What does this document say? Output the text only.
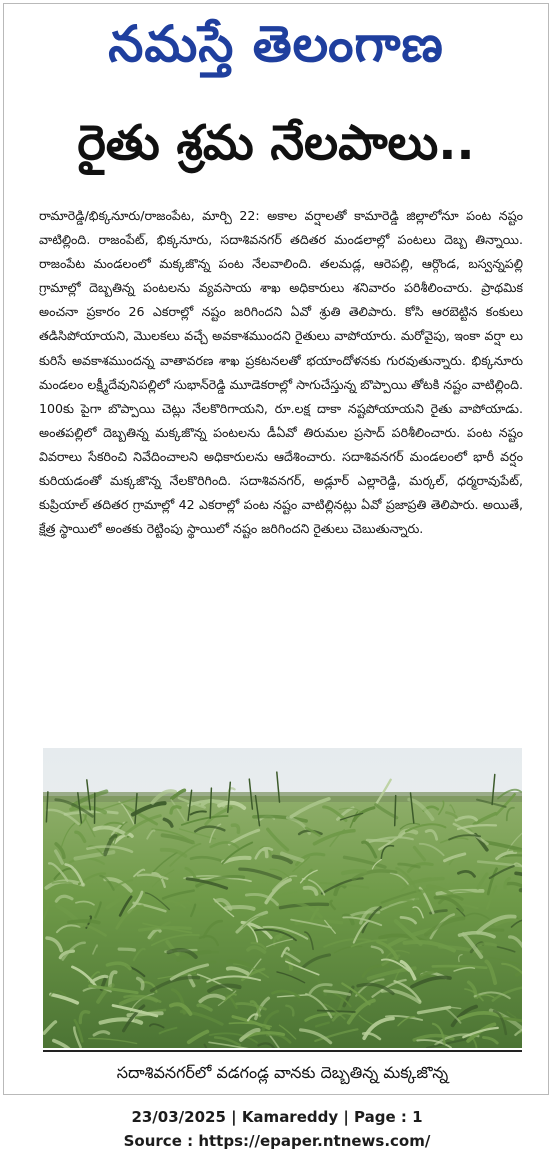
నమస్తే తెలంగాణ
రైతు శ్రమ నేలపాలు..
రామారెడ్డి/భిక్కనూరు/రాజంపేట, మార్చి 22: అకాల వర్షాలతో కామారెడ్డి జిల్లాలోనూ పంట నష్టం వాటిల్లింది. రాజంపేట్, భిక్కనూరు, సదాశివనగర్ తదితర మండలాల్లో పంటలు దెబ్బ తిన్నాయి. రాజంపేట మండలంలో మక్కజొన్న పంట నేలవాలింది. తలమడ్ల, ఆరెపల్లి, ఆర్గొండ, బస్వన్నపల్లి గ్రామాల్లో దెబ్బతిన్న పంటలను వ్యవసాయ శాఖ అధికారులు శనివారం పరిశీలించారు. ప్రాథమిక అంచనా ప్రకారం 26 ఎకరాల్లో నష్టం జరిగిందని ఏవో శ్రుతి తెలిపారు. కోసి ఆరబెట్టిన కంకులు తడిసిపోయాయని, మొలకలు వచ్చే అవకాశముందని రైతులు వాపోయారు. మరోవైపు, ఇంకా వర్షా లు కురిసే అవకాశముందన్న వాతావరణ శాఖ ప్రకటనలతో భయాందోళనకు గురవుతున్నారు. భిక్కనూరు మండలం లక్ష్మీదేవునిపల్లిలో సుభాన్‌రెడ్డి మూడెకరాల్లో సాగుచేస్తున్న బొప్పాయి తోటకి నష్టం వాటిల్లింది. 100కు పైగా బొప్పాయి చెట్లు నేలకొరిగాయని, రూ.లక్ష దాకా నష్టపోయాయని రైతు వాపోయాడు. అంతపల్లిలో దెబ్బతిన్న మక్కజొన్న పంటలను డీఏవో తిరుమల ప్రసాద్ పరిశీలించారు. పంట నష్టం వివరాలు సేకరించి నివేదించాలని అధికారులను ఆదేశించారు. సదాశివనగర్ మండలంలో భారీ వర్షం కురియడంతో మక్కజొన్న నేలకొరిగింది. సదాశివనగర్, అడ్లూర్ ఎల్లారెడ్డి, మర్కల్, ధర్మరావుపేట్, కుప్రియాల్ తదితర గ్రామాల్లో 42 ఎకరాల్లో పంట నష్టం వాటిల్లినట్లు ఏవో ప్రజాప్రతి తెలిపారు. అయితే, క్షేత్ర స్థాయిలో అంతకు రెట్టింపు స్థాయిలో నష్టం జరిగిందని రైతులు చెబుతున్నారు.
సదాశివనగర్‌లో వడగండ్ల వానకు దెబ్బతిన్న మక్కజొన్న
23/03/2025 | Kamareddy | Page : 1
Source : https://epaper.ntnews.com/
